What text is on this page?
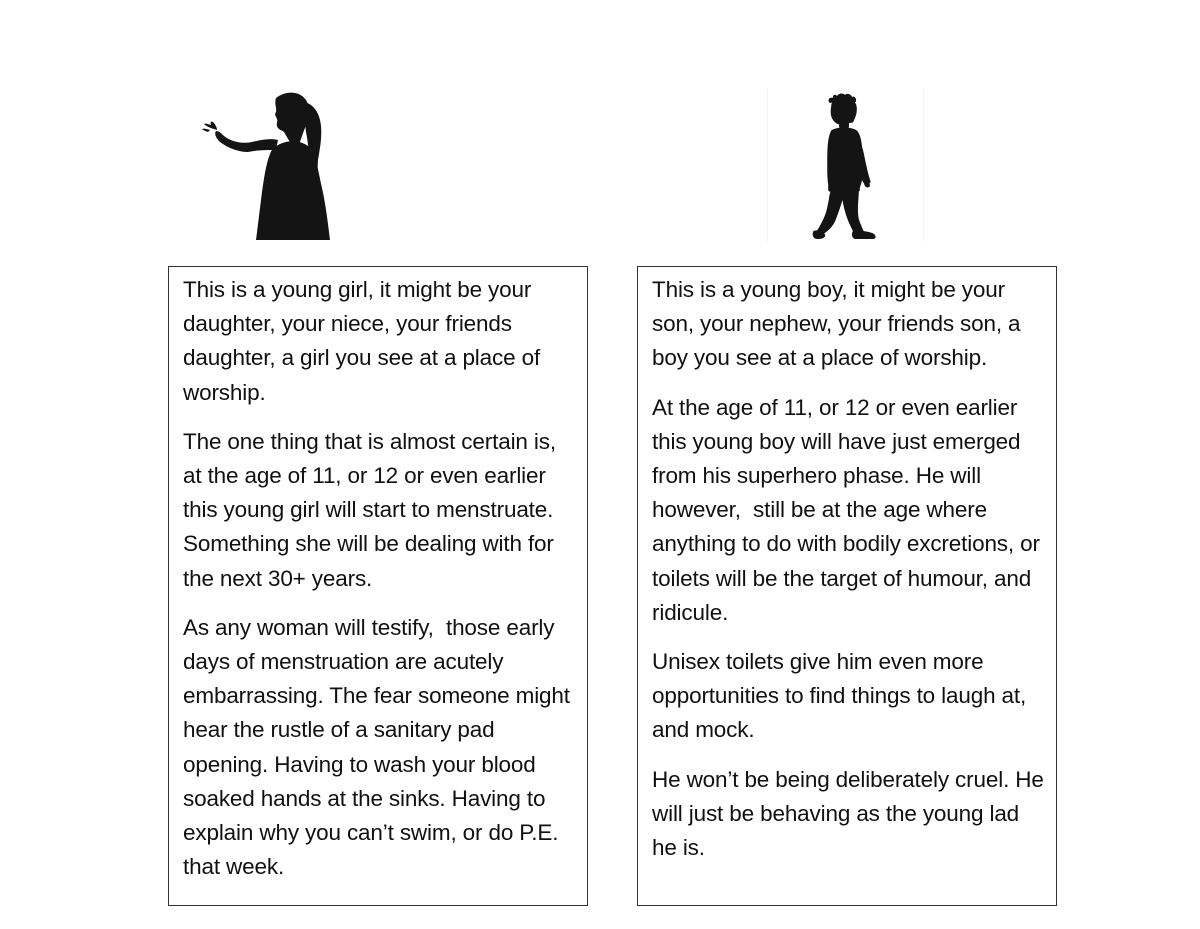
This is a young girl, it might be your daughter, your niece, your friends daughter, a girl you see at a place of worship.

The one thing that is almost certain is,  at the age of 11, or 12 or even earlier this young girl will start to menstruate. Something she will be dealing with for the next 30+ years.

As any woman will testify,  those early days of menstruation are acutely embarrassing. The fear someone might hear the rustle of a sanitary pad opening. Having to wash your blood soaked hands at the sinks. Having to explain why you can’t swim, or do P.E.  that week.

This is a young boy, it might be your son, your nephew, your friends son, a boy you see at a place of worship.

At the age of 11, or 12 or even earlier this young boy will have just emerged from his superhero phase. He will however,  still be at the age where anything to do with bodily excretions, or toilets will be the target of humour, and ridicule.

Unisex toilets give him even more opportunities to find things to laugh at, and mock.

He won’t be being deliberately cruel. He will just be behaving as the young lad he is.
